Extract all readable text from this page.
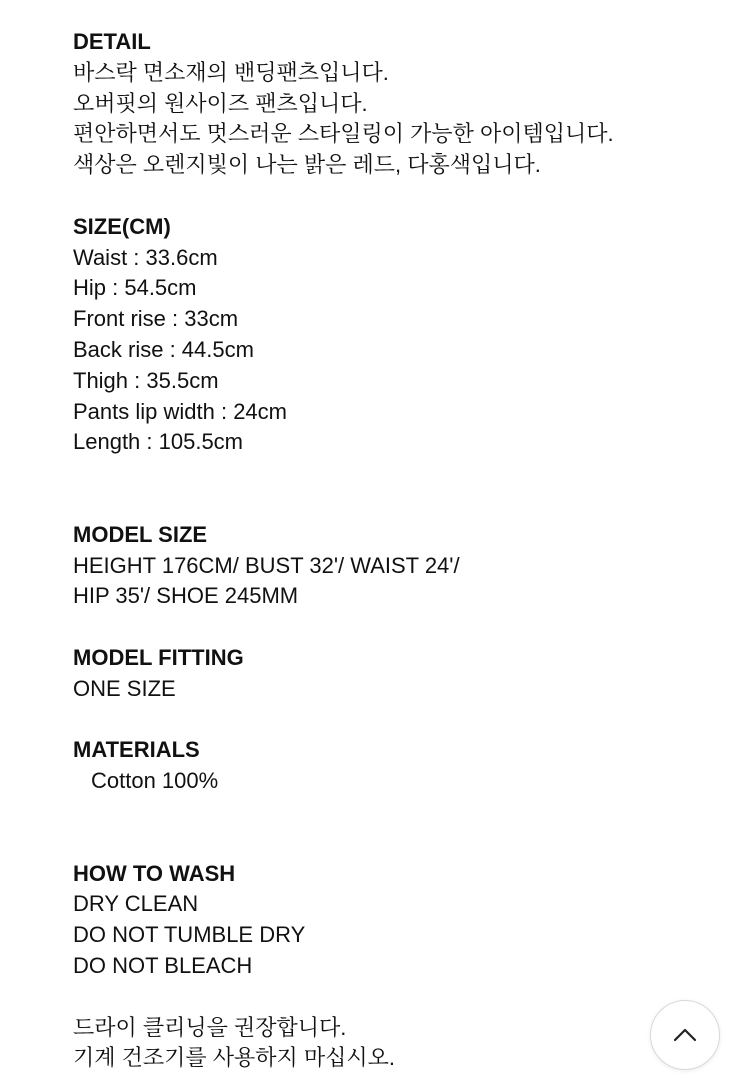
DETAIL
바스락 면소재의 밴딩팬츠입니다.
오버핏의 원사이즈 팬츠입니다.
편안하면서도 멋스러운 스타일링이 가능한 아이템입니다.
색상은 오렌지빛이 나는 밝은 레드, 다홍색입니다.
SIZE(CM)
Waist : 33.6cm
Hip : 54.5cm
Front rise : 33cm
Back rise : 44.5cm
Thigh : 35.5cm
Pants lip width : 24cm
Length : 105.5cm
MODEL SIZE
HEIGHT 176CM/ BUST 32'/ WAIST 24'/
HIP 35'/ SHOE 245MM
MODEL FITTING
ONE SIZE
MATERIALS
Cotton 100%
HOW TO WASH
DRY CLEAN
DO NOT TUMBLE DRY
DO NOT BLEACH
드라이 클리닝을 권장합니다.
기계 건조기를 사용하지 마십시오.
